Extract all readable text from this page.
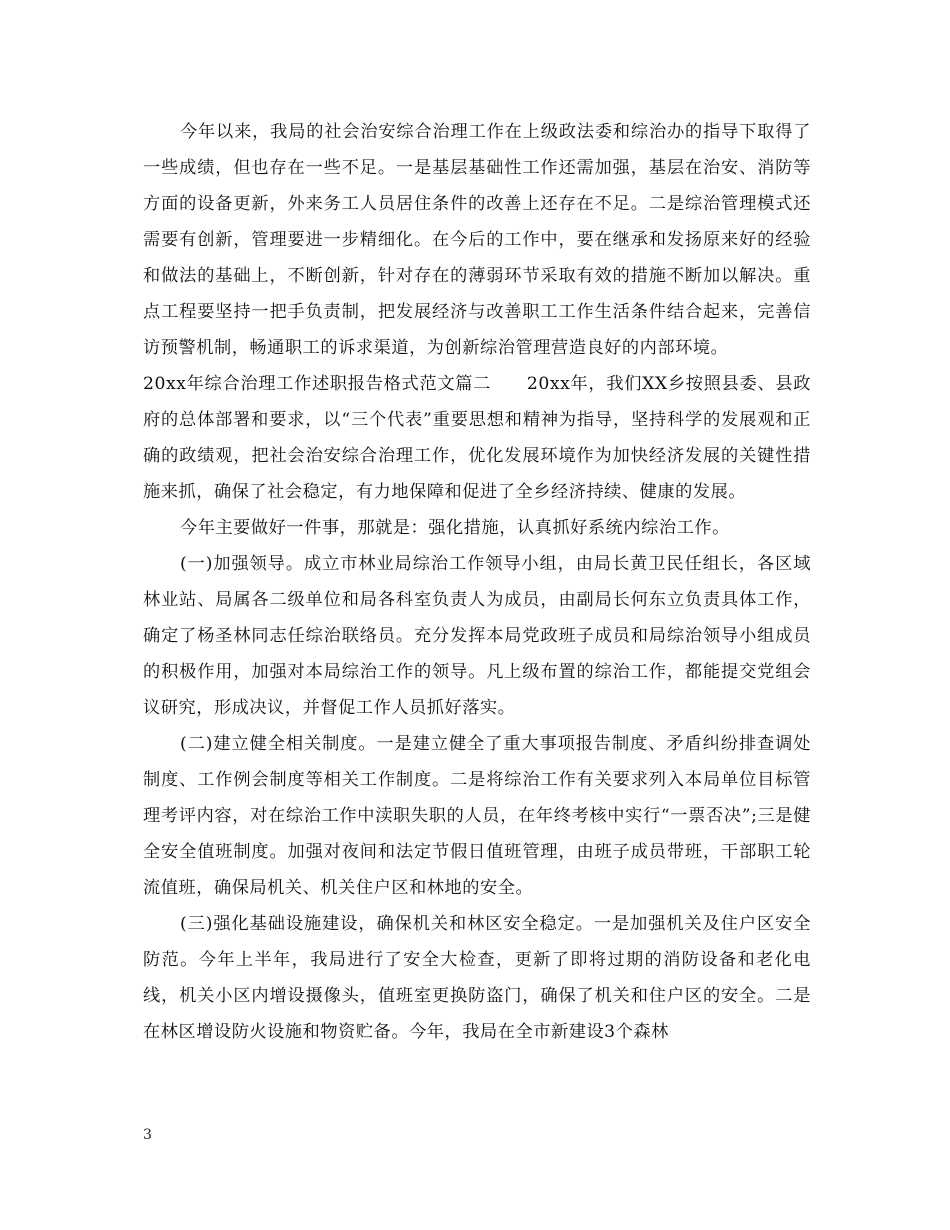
今年以来，我局的社会治安综合治理工作在上级政法委和综治办的指导下取得了一些成绩，但也存在一些不足。一是基层基础性工作还需加强，基层在治安、消防等方面的设备更新，外来务工人员居住条件的改善上还存在不足。二是综治管理模式还需要有创新，管理要进一步精细化。在今后的工作中，要在继承和发扬原来好的经验和做法的基础上，不断创新，针对存在的薄弱环节采取有效的措施不断加以解决。重点工程要坚持一把手负责制，把发展经济与改善职工工作生活条件结合起来，完善信访预警机制，畅通职工的诉求渠道，为创新综治管理营造良好的内部环境。

20xx年综合治理工作述职报告格式范文篇二　　20xx年，我们XX乡按照县委、县政府的总体部署和要求，以“三个代表”重要思想和精神为指导，坚持科学的发展观和正确的政绩观，把社会治安综合治理工作，优化发展环境作为加快经济发展的关键性措施来抓，确保了社会稳定，有力地保障和促进了全乡经济持续、健康的发展。

今年主要做好一件事，那就是：强化措施，认真抓好系统内综治工作。

(一)加强领导。成立市林业局综治工作领导小组，由局长黄卫民任组长，各区域林业站、局属各二级单位和局各科室负责人为成员，由副局长何东立负责具体工作，确定了杨圣林同志任综治联络员。充分发挥本局党政班子成员和局综治领导小组成员的积极作用，加强对本局综治工作的领导。凡上级布置的综治工作，都能提交党组会议研究，形成决议，并督促工作人员抓好落实。

(二)建立健全相关制度。一是建立健全了重大事项报告制度、矛盾纠纷排查调处制度、工作例会制度等相关工作制度。二是将综治工作有关要求列入本局单位目标管理考评内容，对在综治工作中渎职失职的人员，在年终考核中实行“一票否决”;三是健全安全值班制度。加强对夜间和法定节假日值班管理，由班子成员带班，干部职工轮流值班，确保局机关、机关住户区和林地的安全。

(三)强化基础设施建设，确保机关和林区安全稳定。一是加强机关及住户区安全防范。今年上半年，我局进行了安全大检查，更新了即将过期的消防设备和老化电线，机关小区内增设摄像头，值班室更换防盗门，确保了机关和住户区的安全。二是在林区增设防火设施和物资贮备。今年，我局在全市新建设3个森林

3
